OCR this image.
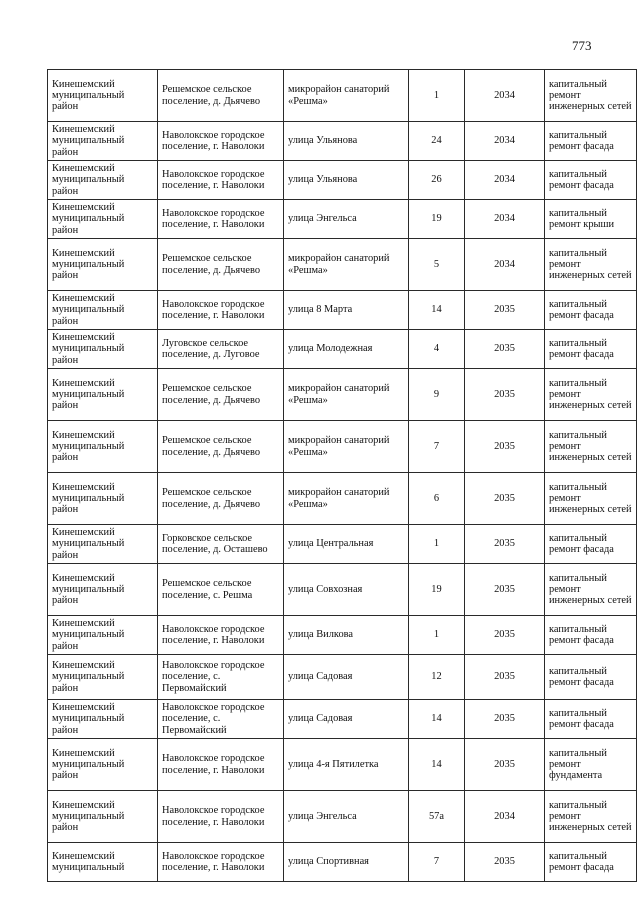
773
Кинешемский муниципальный район	Решемское сельское поселение, д. Дьячево	микрорайон санаторий «Решма»	1	2034	капитальный ремонт инженерных сетей
Кинешемский муниципальный район	Наволокское городское поселение, г. Наволоки	улица Ульянова	24	2034	капитальный ремонт фасада
Кинешемский муниципальный район	Наволокское городское поселение, г. Наволоки	улица Ульянова	26	2034	капитальный ремонт фасада
Кинешемский муниципальный район	Наволокское городское поселение, г. Наволоки	улица Энгельса	19	2034	капитальный ремонт крыши
Кинешемский муниципальный район	Решемское сельское поселение, д. Дьячево	микрорайон санаторий «Решма»	5	2034	капитальный ремонт инженерных сетей
Кинешемский муниципальный район	Наволокское городское поселение, г. Наволоки	улица 8 Марта	14	2035	капитальный ремонт фасада
Кинешемский муниципальный район	Луговское сельское поселение, д. Луговое	улица Молодежная	4	2035	капитальный ремонт фасада
Кинешемский муниципальный район	Решемское сельское поселение, д. Дьячево	микрорайон санаторий «Решма»	9	2035	капитальный ремонт инженерных сетей
Кинешемский муниципальный район	Решемское сельское поселение, д. Дьячево	микрорайон санаторий «Решма»	7	2035	капитальный ремонт инженерных сетей
Кинешемский муниципальный район	Решемское сельское поселение, д. Дьячево	микрорайон санаторий «Решма»	6	2035	капитальный ремонт инженерных сетей
Кинешемский муниципальный район	Горковское сельское поселение, д. Осташево	улица Центральная	1	2035	капитальный ремонт фасада
Кинешемский муниципальный район	Решемское сельское поселение, с. Решма	улица Совхозная	19	2035	капитальный ремонт инженерных сетей
Кинешемский муниципальный район	Наволокское городское поселение, г. Наволоки	улица Вилкова	1	2035	капитальный ремонт фасада
Кинешемский муниципальный район	Наволокское городское поселение, с. Первомайский	улица Садовая	12	2035	капитальный ремонт фасада
Кинешемский муниципальный район	Наволокское городское поселение, с. Первомайский	улица Садовая	14	2035	капитальный ремонт фасада
Кинешемский муниципальный район	Наволокское городское поселение, г. Наволоки	улица 4-я Пятилетка	14	2035	капитальный ремонт фундамента
Кинешемский муниципальный район	Наволокское городское поселение, г. Наволоки	улица Энгельса	57а	2034	капитальный ремонт инженерных сетей
Кинешемский муниципальный	Наволокское городское поселение, г. Наволоки	улица Спортивная	7	2035	капитальный ремонт фасада
